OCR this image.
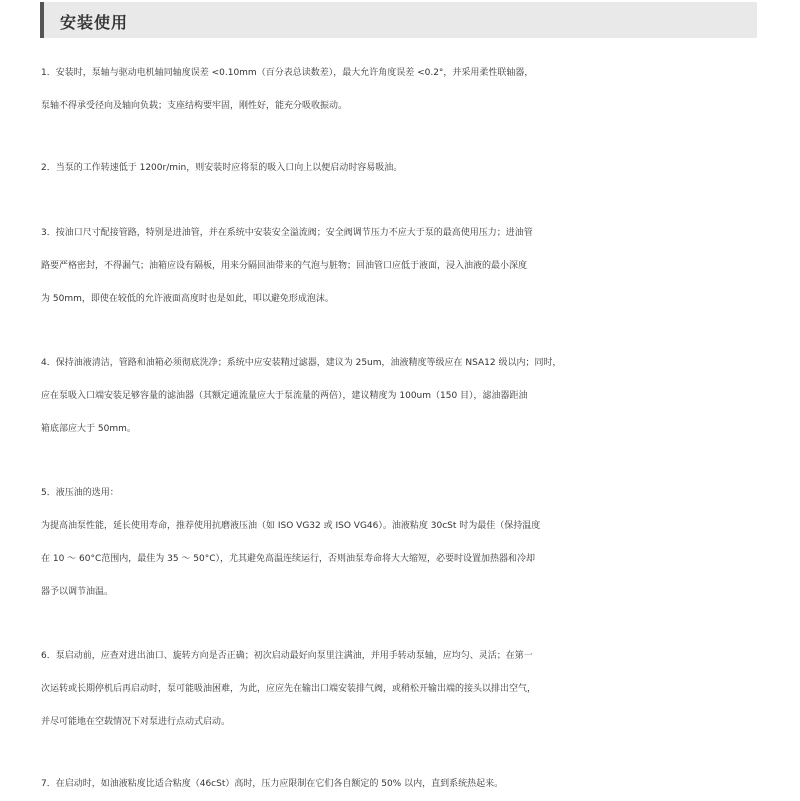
安装使用
1．安装时，泵轴与驱动电机轴同轴度误差 <0.10mm（百分表总读数差），最大允许角度误差 <0.2°，并采用柔性联轴器，
泵轴不得承受径向及轴向负载；支座结构要牢固，刚性好，能充分吸收振动。
2．当泵的工作转速低于 1200r/min，则安装时应将泵的吸入口向上以便启动时容易吸油。
3．按油口尺寸配接管路，特别是进油管，并在系统中安装安全溢流阀；安全阀调节压力不应大于泵的最高使用压力；进油管
路要严格密封，不得漏气；油箱应设有隔板，用来分隔回油带来的气泡与脏物；回油管口应低于液面，浸入油液的最小深度
为 50mm，即使在较低的允许液面高度时也是如此，叩以避免形成泡沫。
4．保持油液清洁，管路和油箱必须彻底洗净；系统中应安装精过滤器，建议为 25um，油液精度等级应在 NSA12 级以内；同时，
应在泵吸入口端安装足够容量的滤油器（其额定通流量应大于泵流量的两倍），建议精度为 100um（150 目），滤油器距油
箱底部应大于 50mm。
5．液压油的选用：
为提高油泵性能，延长使用寿命，推荐使用抗磨液压油（如 ISO VG32 或 ISO VG46）。油液粘度 30cSt 时为最佳（保持温度
在 10 ～ 60°C范围内，最佳为 35 ～ 50°C），尤其避免高温连续运行，否则油泵寿命将大大缩短，必要时设置加热器和冷却
器予以调节油温。
6．泵启动前，应查对进出油口、旋转方向是否正确；初次启动最好向泵里注满油，并用手转动泵轴，应均匀、灵活；在第一
次运转或长期停机后再启动时，泵可能吸油困难，为此，应应先在输出口端安装排气阀，或稍松开输出端的接头以排出空气，
并尽可能地在空载情况下对泵进行点动式启动。
7．在启动时，如油液粘度比适合粘度（46cSt）高时，压力应限制在它们各自额定的 50% 以内，直到系统热起来。
